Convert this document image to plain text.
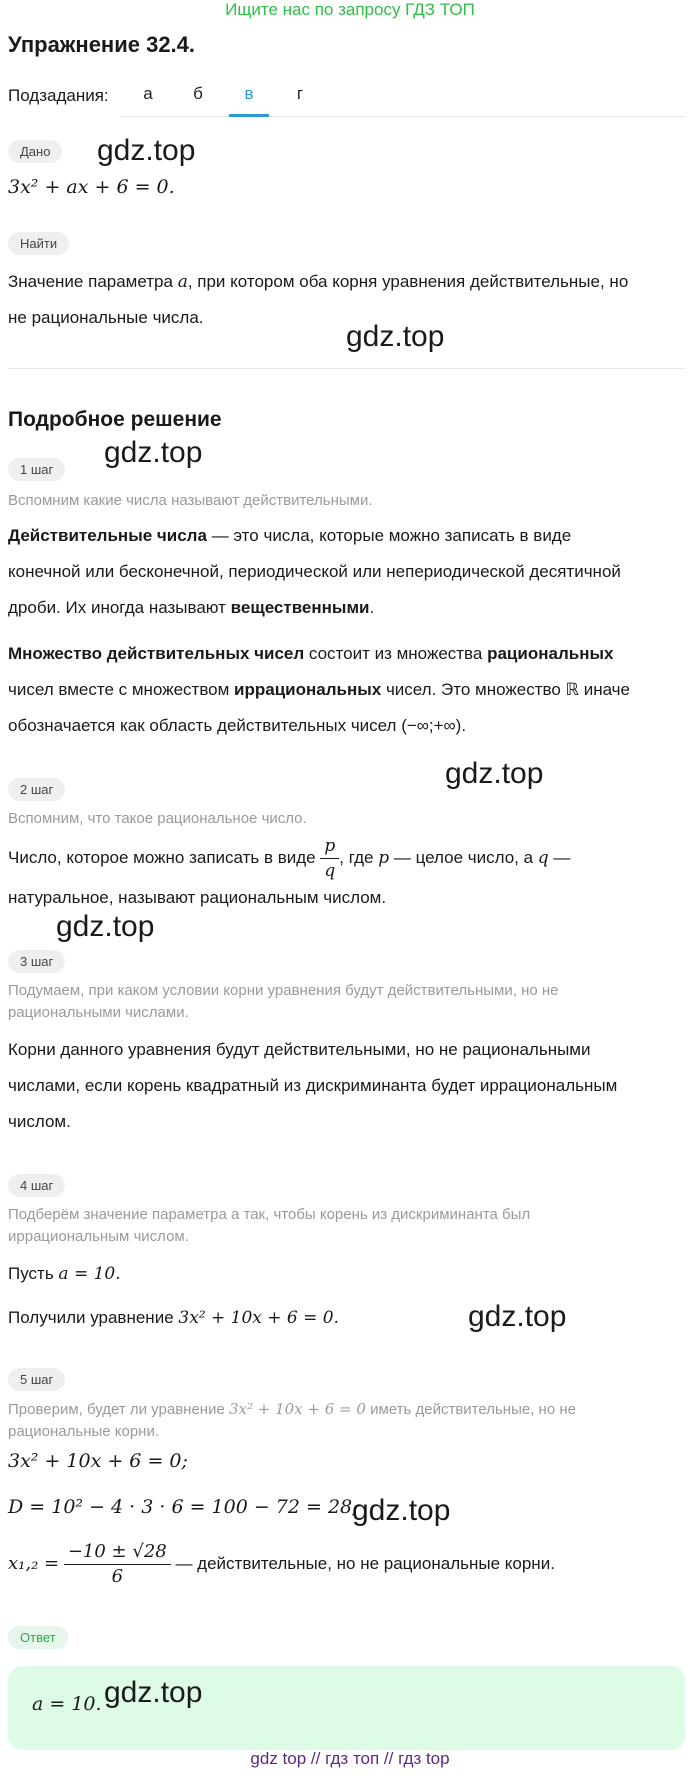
Ищите нас по запросу ГДЗ ТОП
Упражнение 32.4.
Подзадания:	а	б	в	г
Дано	gdz.top
3x² + ax + 6 = 0.
Найти
Значение параметра a, при котором оба корня уравнения действительные, но
не рациональные числа.
gdz.top
Подробное решение
gdz.top
1 шаг
Вспомним какие числа называют действительными.
Действительные числа — это числа, которые можно записать в виде
конечной или бесконечной, периодической или непериодической десятичной
дроби. Их иногда называют вещественными.
Множество действительных чисел состоит из множества рациональных
чисел вместе с множеством иррациональных чисел. Это множество ℝ иначе
обозначается как область действительных чисел (−∞;+∞).
gdz.top
2 шаг
Вспомним, что такое рациональное число.
Число, которое можно записать в виде $\frac{p}{q}$ , где p — целое число, а q —
натуральное, называют рациональным числом.
gdz.top
3 шаг
Подумаем, при каком условии корни уравнения будут действительными, но не
рациональными числами.
Корни данного уравнения будут действительными, но не рациональными
числами, если корень квадратный из дискриминанта будет иррациональным
числом.
4 шаг
Подберём значение параметра a так, чтобы корень из дискриминанта был
иррациональным числом.
Пусть a = 10.
Получили уравнение 3x² + 10x + 6 = 0.	gdz.top
5 шаг
Проверим, будет ли уравнение 3x² + 10x + 6 = 0 иметь действительные, но не
рациональные корни.
3x² + 10x + 6 = 0;
D = 10² − 4 · 3 · 6 = 100 − 72 = 28;
gdz.top
$x_1,_2 = \frac{-10 \pm √28}{6}$ — действительные, но не рациональные корни.
Ответ
a = 10. gdz.top
gdz top // гдз топ // гдз top
